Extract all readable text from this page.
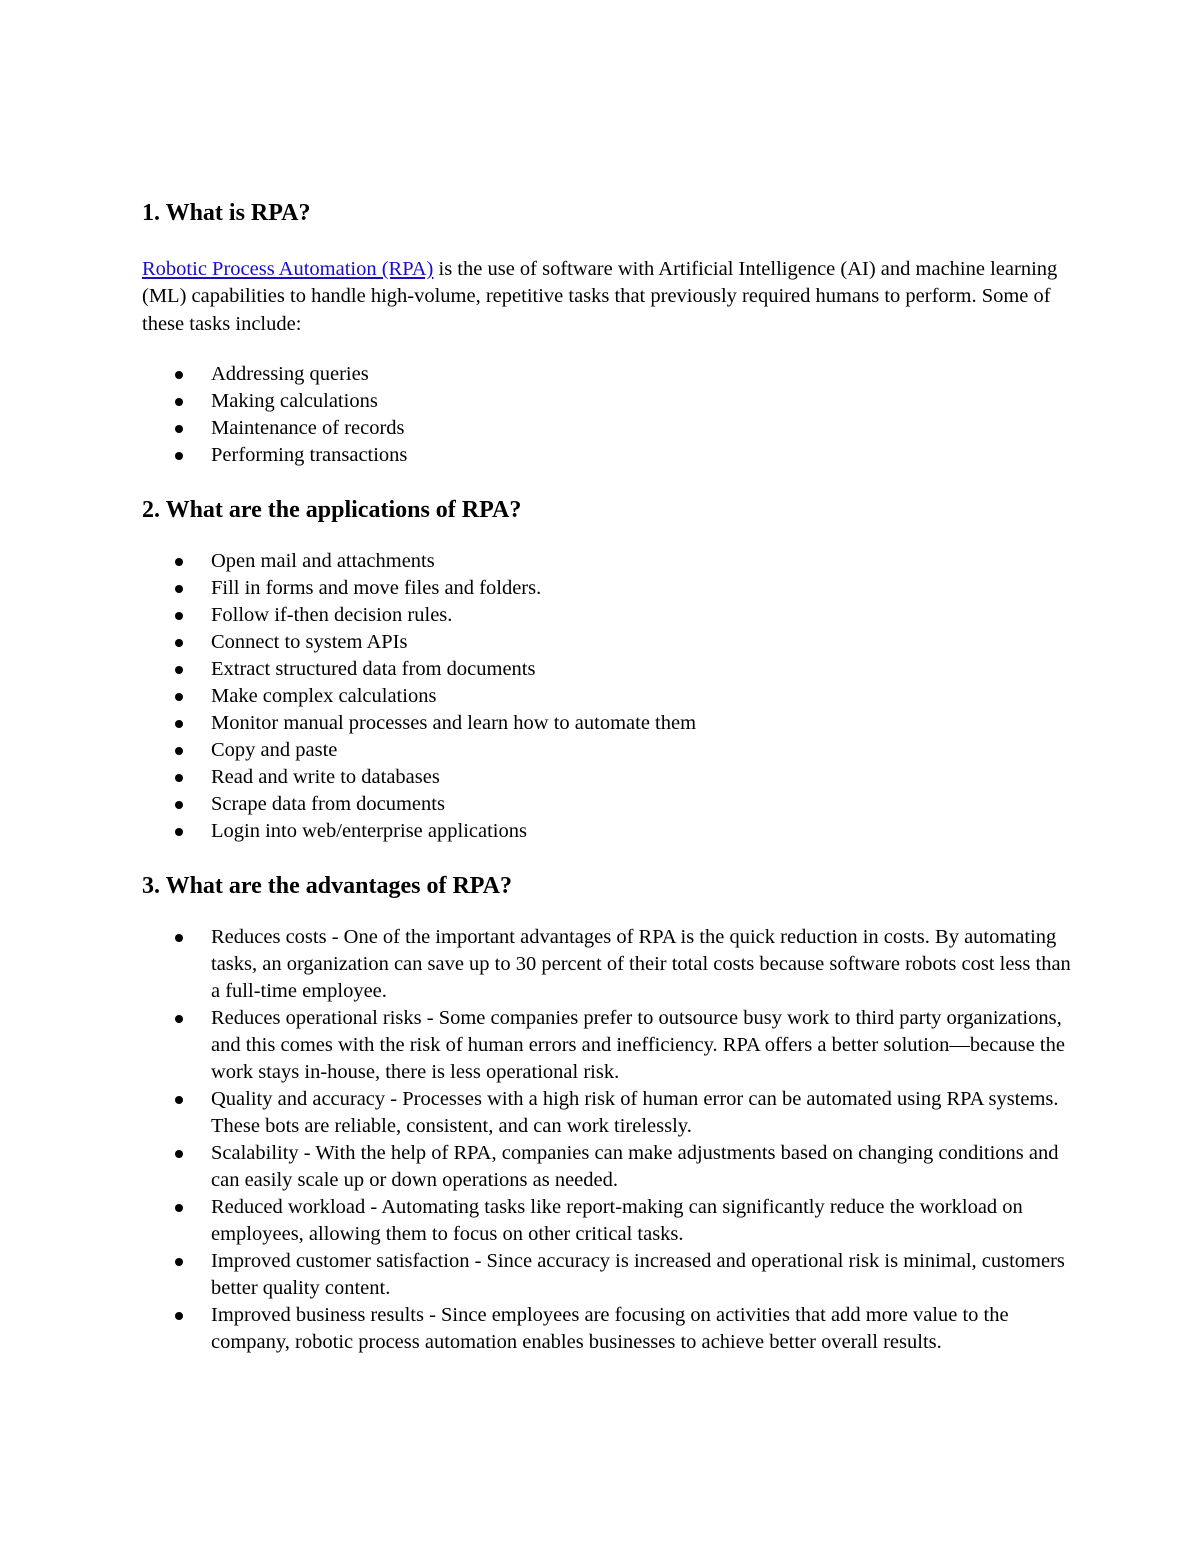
1. What is RPA?

Robotic Process Automation (RPA) is the use of software with Artificial Intelligence (AI) and machine learning (ML) capabilities to handle high-volume, repetitive tasks that previously required humans to perform. Some of these tasks include:

Addressing queries
Making calculations
Maintenance of records
Performing transactions
2. What are the applications of RPA?
Open mail and attachments
Fill in forms and move files and folders.
Follow if-then decision rules.
Connect to system APIs
Extract structured data from documents
Make complex calculations
Monitor manual processes and learn how to automate them
Copy and paste
Read and write to databases
Scrape data from documents
Login into web/enterprise applications
3. What are the advantages of RPA?
Reduces costs - One of the important advantages of RPA is the quick reduction in costs. By automating tasks, an organization can save up to 30 percent of their total costs because software robots cost less than a full-time employee.
Reduces operational risks - Some companies prefer to outsource busy work to third party organizations, and this comes with the risk of human errors and inefficiency. RPA offers a better solution—because the work stays in-house, there is less operational risk.
Quality and accuracy - Processes with a high risk of human error can be automated using RPA systems. These bots are reliable, consistent, and can work tirelessly.
Scalability - With the help of RPA, companies can make adjustments based on changing conditions and can easily scale up or down operations as needed.
Reduced workload - Automating tasks like report-making can significantly reduce the workload on employees, allowing them to focus on other critical tasks.
Improved customer satisfaction - Since accuracy is increased and operational risk is minimal, customers better quality content.
Improved business results - Since employees are focusing on activities that add more value to the company, robotic process automation enables businesses to achieve better overall results.
